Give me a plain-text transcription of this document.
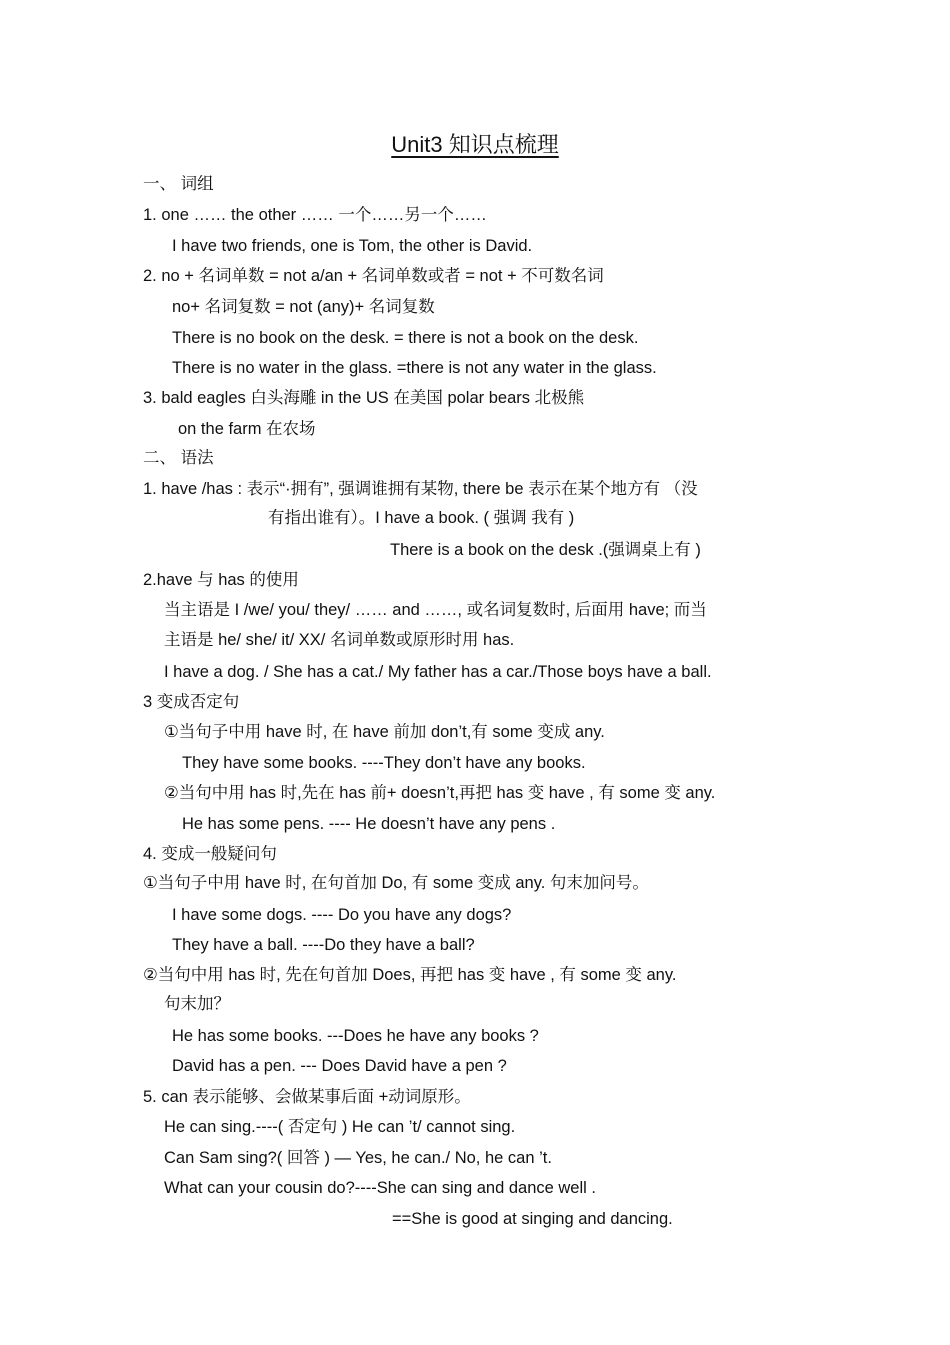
Unit3 知识点梳理
一、 词组
1. one …… the other …… 一个……另一个……
I have two friends, one is Tom, the other is David.
2. no + 名词单数 = not a/an + 名词单数或者 = not + 不可数名词
no+ 名词复数 = not (any)+ 名词复数
There is no book on the desk. = there is not a book on the desk.
There is no water in the glass. =there is not any water in the glass.
3. bald eagles 白头海雕 in the US 在美国 polar bears 北极熊
on the farm 在农场
二、 语法
1. have /has : 表示“·拥有”, 强调谁拥有某物, there be 表示在某个地方有 （没
有指出谁有）。I have a book. ( 强调 我有 )
There is a book on the desk .(强调桌上有 )
2.have 与 has 的使用
当主语是 I /we/ you/ they/ …… and ……, 或名词复数时, 后面用 have; 而当
主语是 he/ she/ it/ XX/ 名词单数或原形时用 has.
I have a dog. / She has a cat./ My father has a car./Those boys have a ball.
3 变成否定句
①当句子中用 have 时, 在 have 前加 don’t,有 some 变成 any.
They have some books. ----They don’t have any books.
②当句中用 has 时,先在 has 前+ doesn’t,再把 has 变 have , 有 some 变 any.
He has some pens. ---- He doesn’t have any pens .
4. 变成一般疑问句
①当句子中用 have 时, 在句首加 Do, 有 some 变成 any. 句末加问号。
I have some dogs. ---- Do you have any dogs?
They have a ball. ----Do they have a ball?
②当句中用 has 时, 先在句首加 Does, 再把 has 变 have , 有 some 变 any.
句末加？
He has some books. ---Does he have any books ?
David has a pen. --- Does David have a pen ?
5. can 表示能够、会做某事后面 +动词原形。
He can sing.----( 否定句 ) He can ’t/ cannot sing.
Can Sam sing?( 回答 ) — Yes, he can./ No, he can ’t.
What can your cousin do?----She can sing and dance well .
==She is good at singing and dancing.
